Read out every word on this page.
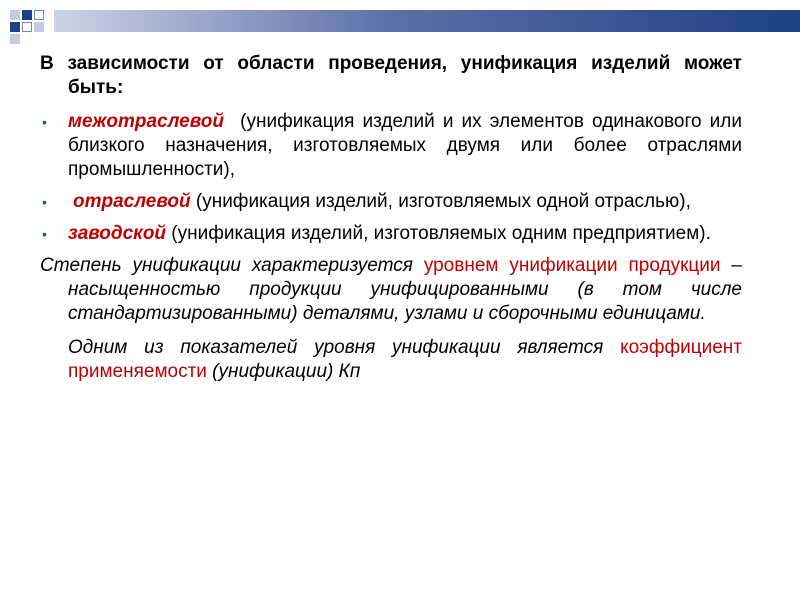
В зависимости от области проведения, унификация изделий может быть:

• межотраслевой  (унификация изделий и их элементов одинакового или близкого назначения, изготовляемых двумя или более отраслями промышленности),

• отраслевой (унификация изделий, изготовляемых одной отраслью),

• заводской (унификация изделий, изготовляемых одним предприятием).

Степень унификации характеризуется уровнем унификации продукции – насыщенностью продукции унифицированными (в том числе стандартизированными) деталями, узлами и сборочными единицами.

Одним из показателей уровня унификации является коэффициент применяемости (унификации) Кп
